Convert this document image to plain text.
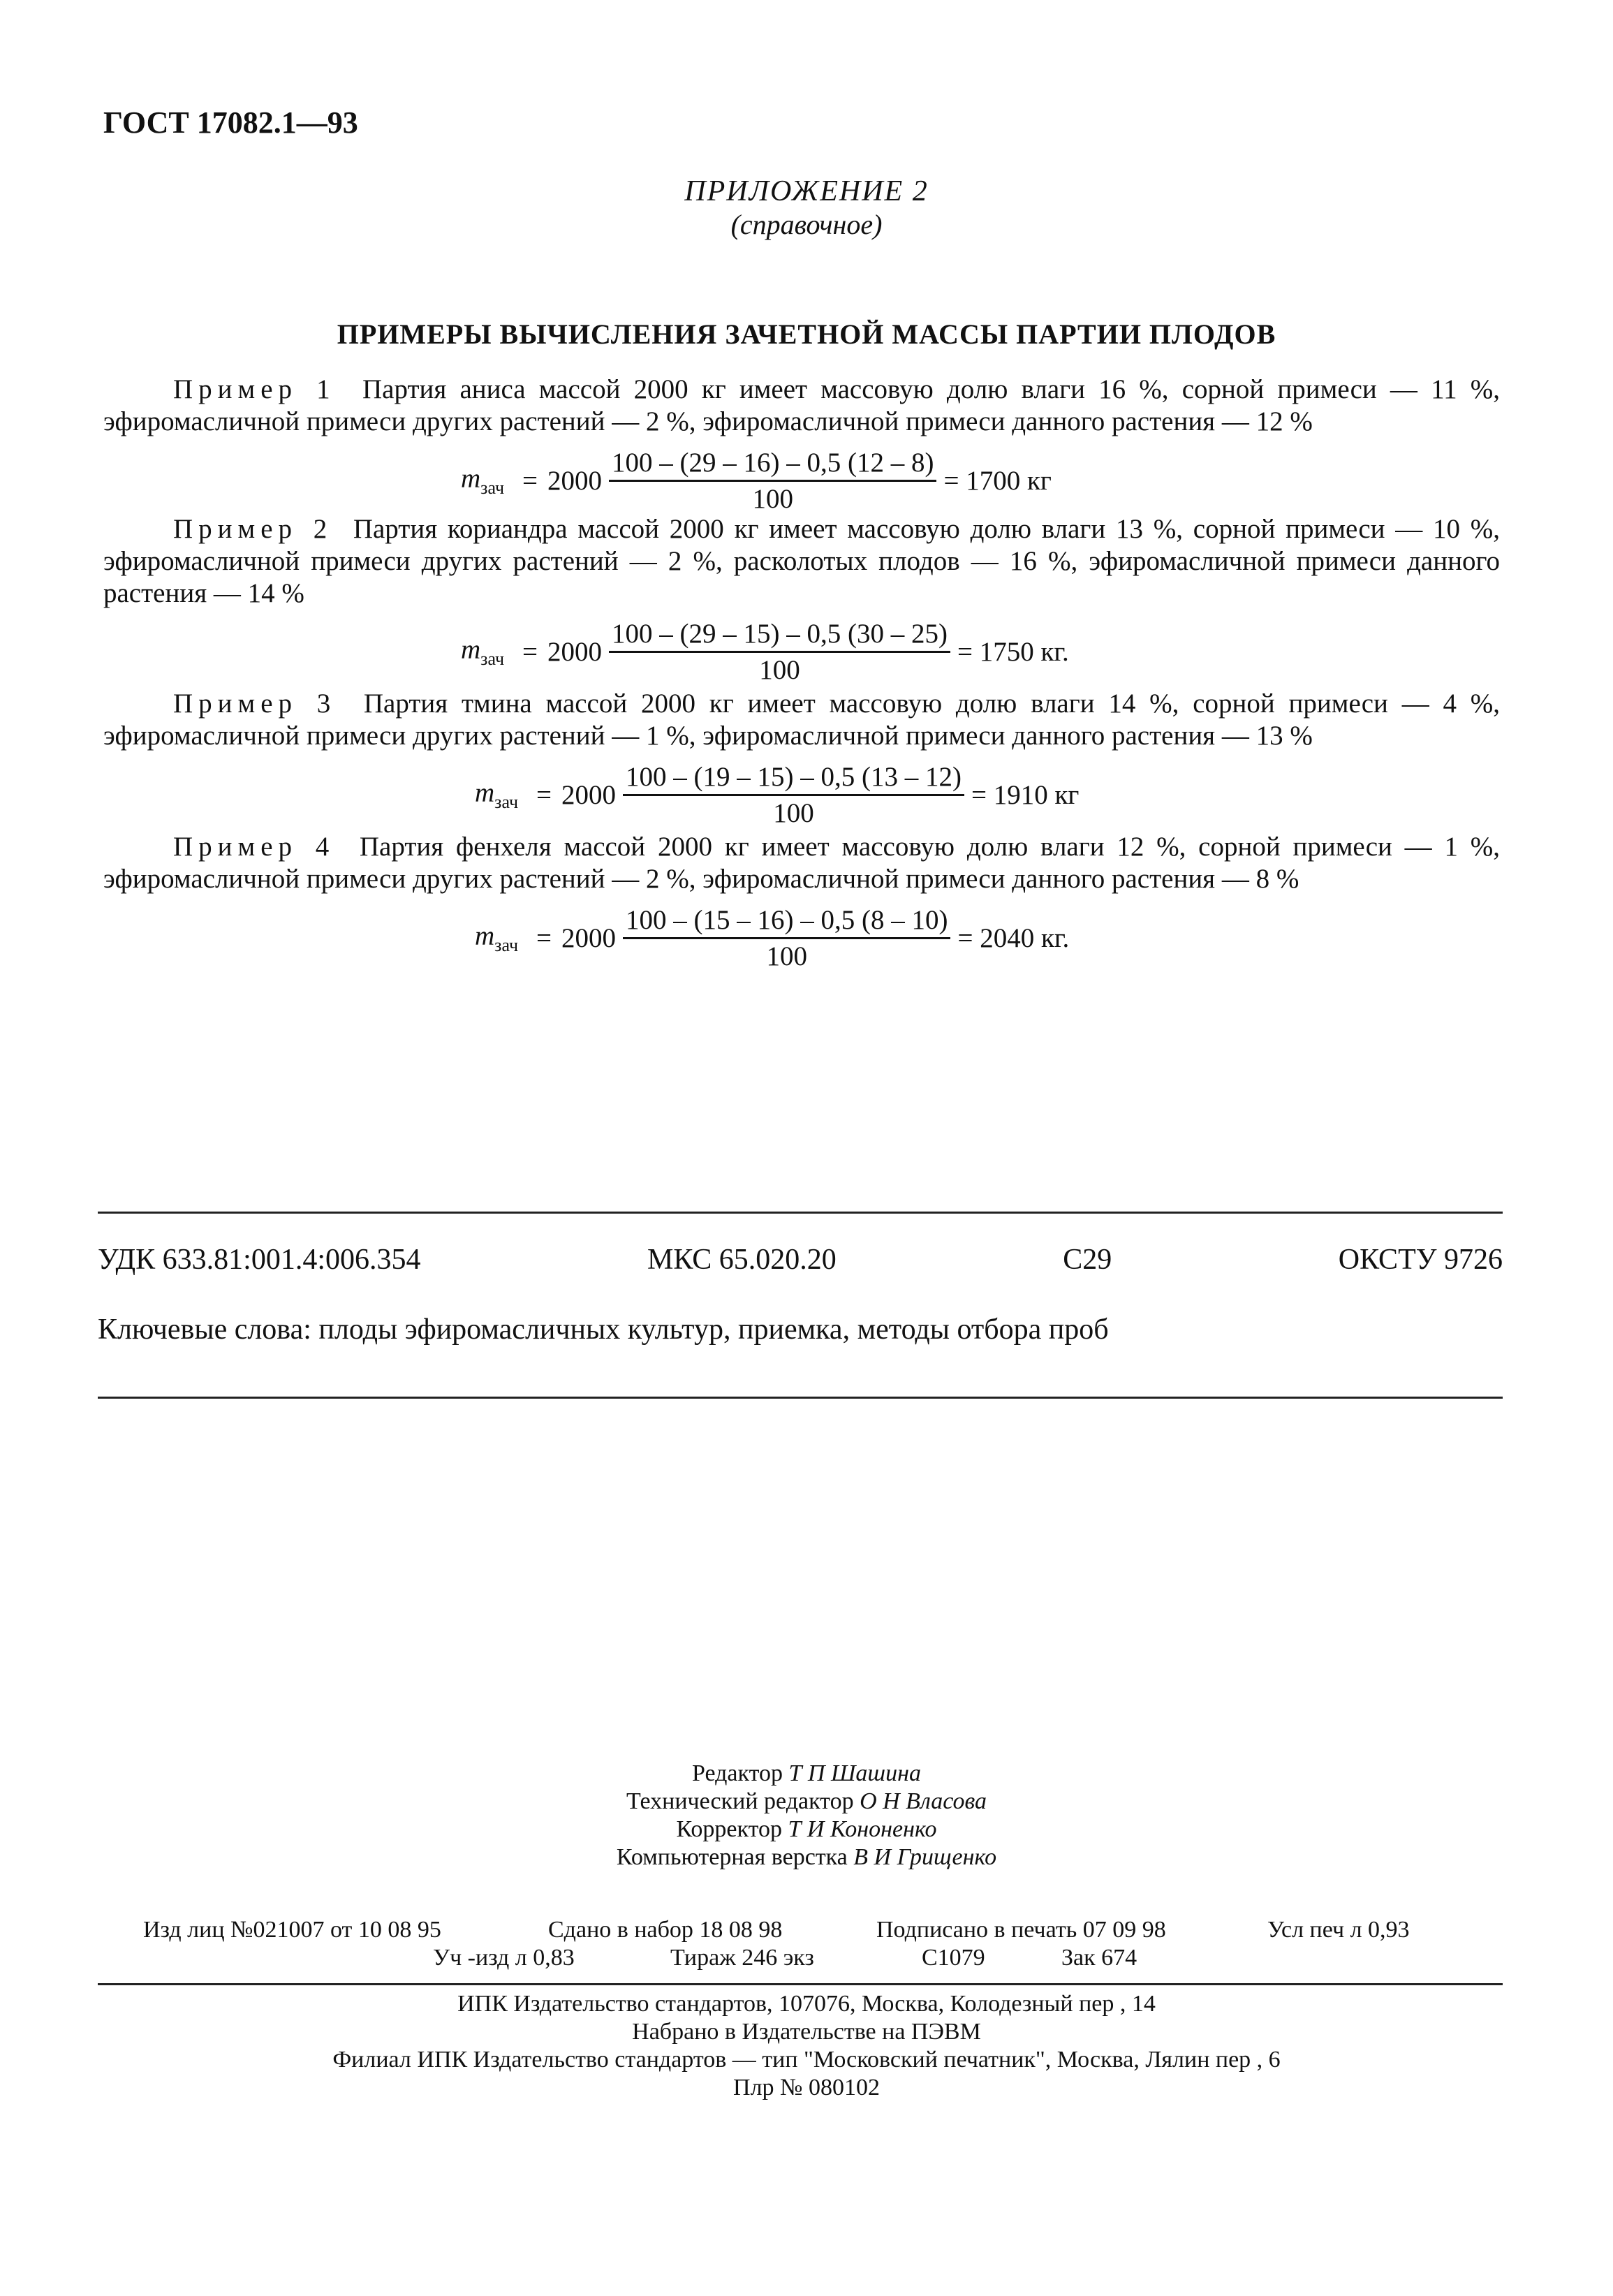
ГОСТ 17082.1—93
ПРИЛОЖЕНИЕ 2
(справочное)
ПРИМЕРЫ ВЫЧИСЛЕНИЯ ЗАЧЕТНОЙ МАССЫ ПАРТИИ ПЛОДОВ
Пример 1 Партия аниса массой 2000 кг имеет массовую долю влаги 16 %, сорной примеси — 11 %, эфиромасличной примеси других растений — 2 %, эфиромасличной примеси данного растения — 12 %
$m_{зач} = 2000 \frac{100 - (29 - 16) - 0,5 (12 - 8)}{100} = 1700$ кг
Пример 2 Партия кориандра массой 2000 кг имеет массовую долю влаги 13 %, сорной примеси — 10 %, эфиромасличной примеси других растений — 2 %, расколотых плодов — 16 %, эфиромасличной примеси данного растения — 14 %
$m_{зач} = 2000 \frac{100 - (29 - 15) - 0,5 (30 - 25)}{100} = 1750$ кг.
Пример 3 Партия тмина массой 2000 кг имеет массовую долю влаги 14 %, сорной примеси — 4 %, эфиромасличной примеси других растений — 1 %, эфиромасличной примеси данного растения — 13 %
$m_{зач} = 2000 \frac{100 - (19 - 15) - 0,5 (13 - 12)}{100} = 1910$ кг
Пример 4 Партия фенхеля массой 2000 кг имеет массовую долю влаги 12 %, сорной примеси — 1 %, эфиромасличной примеси других растений — 2 %, эфиромасличной примеси данного растения — 8 %
$m_{зач} = 2000 \frac{100 - (15 - 16) - 0,5 (8 - 10)}{100} = 2040$ кг.
УДК 633.81:001.4:006.354	МКС 65.020.20	С29	ОКСТУ 9726
Ключевые слова: плоды эфиромасличных культур, приемка, методы отбора проб
Редактор Т П Шашина
Технический редактор О Н Власова
Корректор Т И Кононенко
Компьютерная верстка В И Грищенко
Изд лиц №021007 от 10 08 95	Сдано в набор 18 08 98	Подписано в печать 07 09 98	Усл печ л 0,93
Уч -изд л 0,83	Тираж 246 экз	С1079	Зак 674
ИПК Издательство стандартов, 107076, Москва, Колодезный пер , 14
Набрано в Издательстве на ПЭВМ
Филиал ИПК Издательство стандартов — тип "Московский печатник", Москва, Лялин пер , 6
Плр № 080102
